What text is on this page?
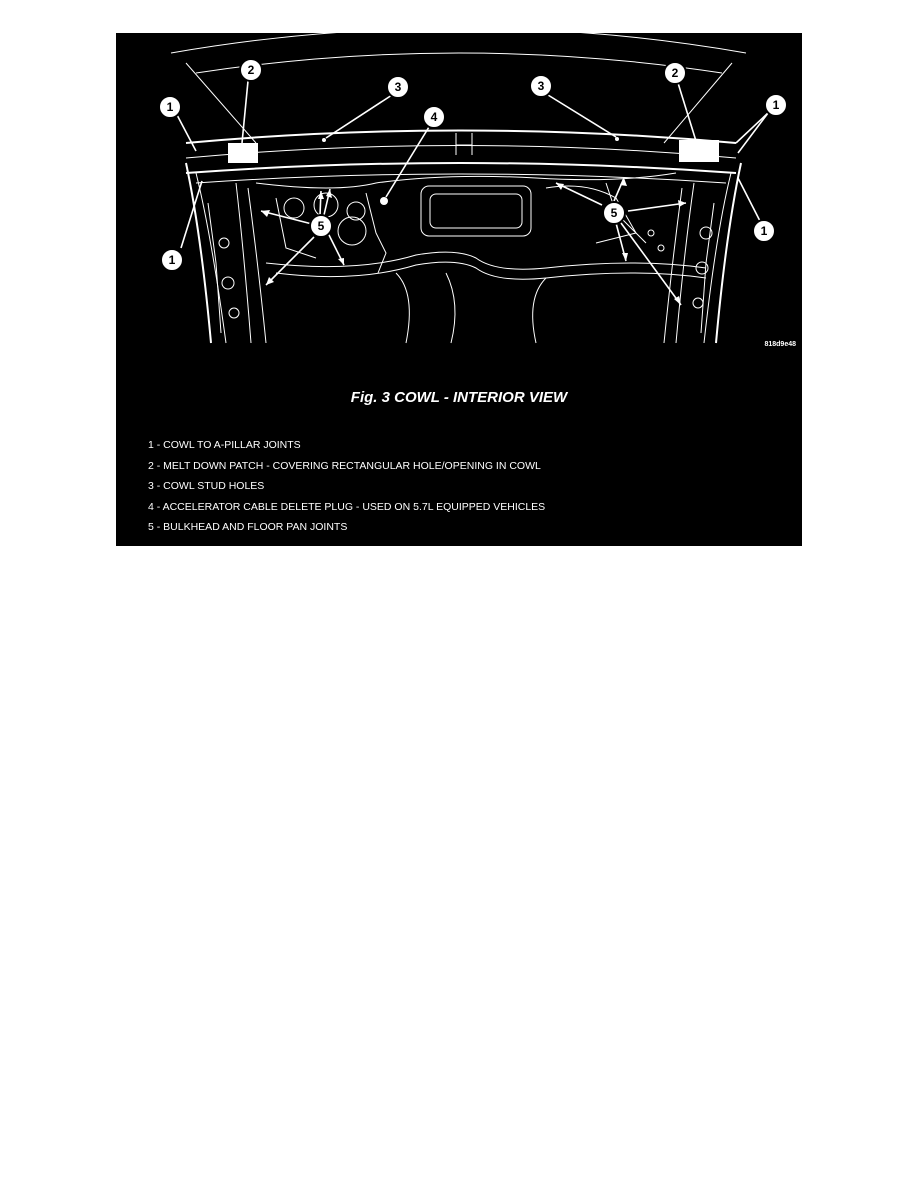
1
1
1
1
2	2
3	3
4
5
5
818d9e48
Fig. 3 COWL - INTERIOR VIEW
1 - COWL TO A-PILLAR JOINTS
2 - MELT DOWN PATCH - COVERING RECTANGULAR HOLE/OPENING IN COWL
3 - COWL STUD HOLES
4 - ACCELERATOR CABLE DELETE PLUG - USED ON 5.7L EQUIPPED VEHICLES
5 - BULKHEAD AND FLOOR PAN JOINTS
